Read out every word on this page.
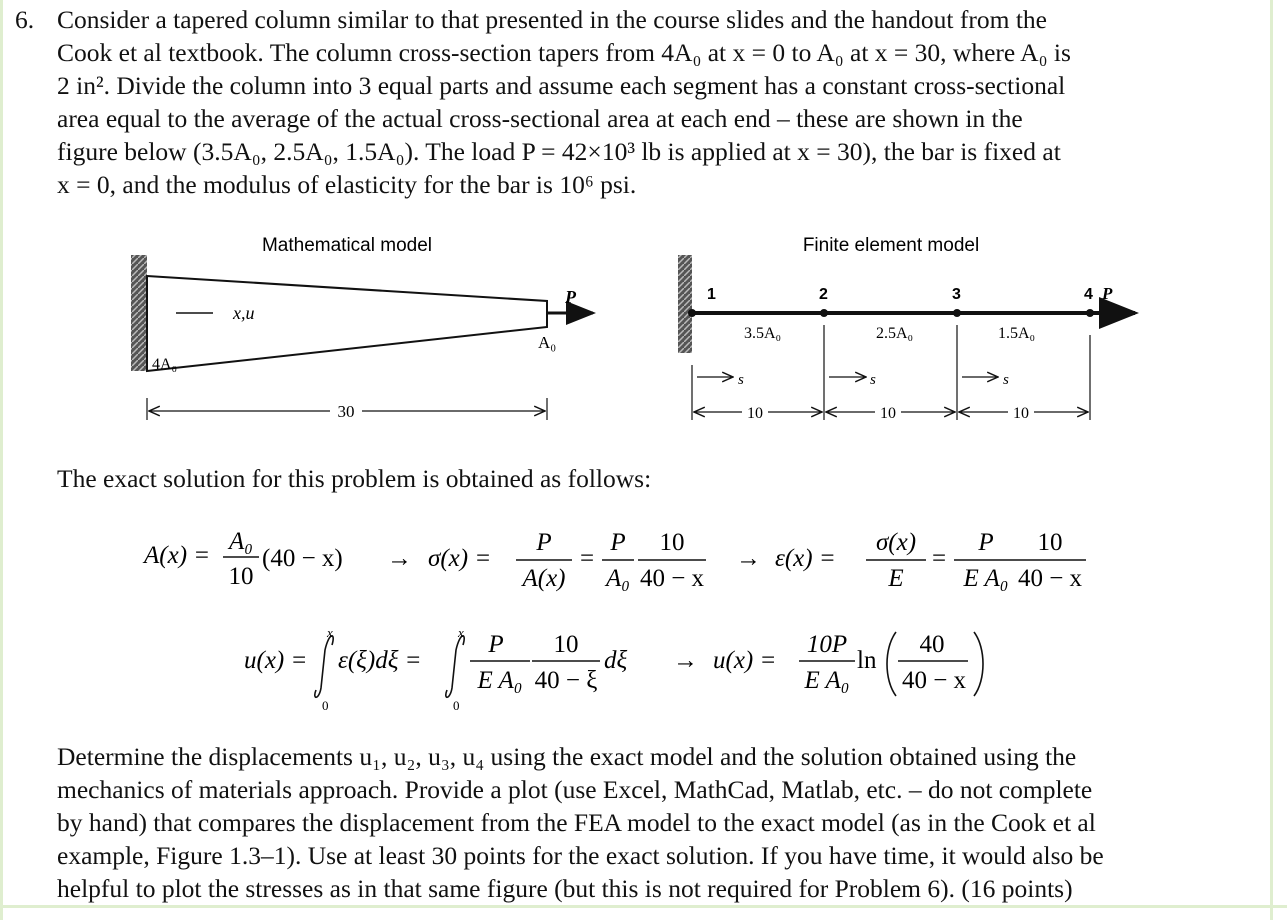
6. Consider a tapered column similar to that presented in the course slides and the handout from the
Cook et al textbook. The column cross-section tapers from 4A₀ at x = 0 to A₀ at x = 30, where A₀ is
2 in². Divide the column into 3 equal parts and assume each segment has a constant cross-sectional
area equal to the average of the actual cross-sectional area at each end – these are shown in the
figure below (3.5A₀, 2.5A₀, 1.5A₀). The load P = 42×10³ lb is applied at x = 30), the bar is fixed at
x = 0, and the modulus of elasticity for the bar is 10⁶ psi.
Mathematical model
x,u
P
A₀
4A₀
30
Finite element model
1	2	3	4 P
3.5A₀	2.5A₀	1.5A₀
s	s	s
10	10	10
The exact solution for this problem is obtained as follows:
A(x) =
A₀
10
(40 − x) → σ(x) =
P
A(x)
=
P
A₀
10
40 − x
→ ε(x) =
σ(x)
E
=
P
E A₀
10
40 − x
u(x) =
x
0
ε(ξ)dξ =
x
0
P
E A₀
10
40 − ξ
dξ → u(x) =
10P
E A₀
ln
40
40 − x
Determine the displacements u₁, u₂, u₃, u₄ using the exact model and the solution obtained using the
mechanics of materials approach. Provide a plot (use Excel, MathCad, Matlab, etc. – do not complete
by hand) that compares the displacement from the FEA model to the exact model (as in the Cook et al
example, Figure 1.3–1). Use at least 30 points for the exact solution. If you have time, it would also be
helpful to plot the stresses as in that same figure (but this is not required for Problem 6). (16 points)
